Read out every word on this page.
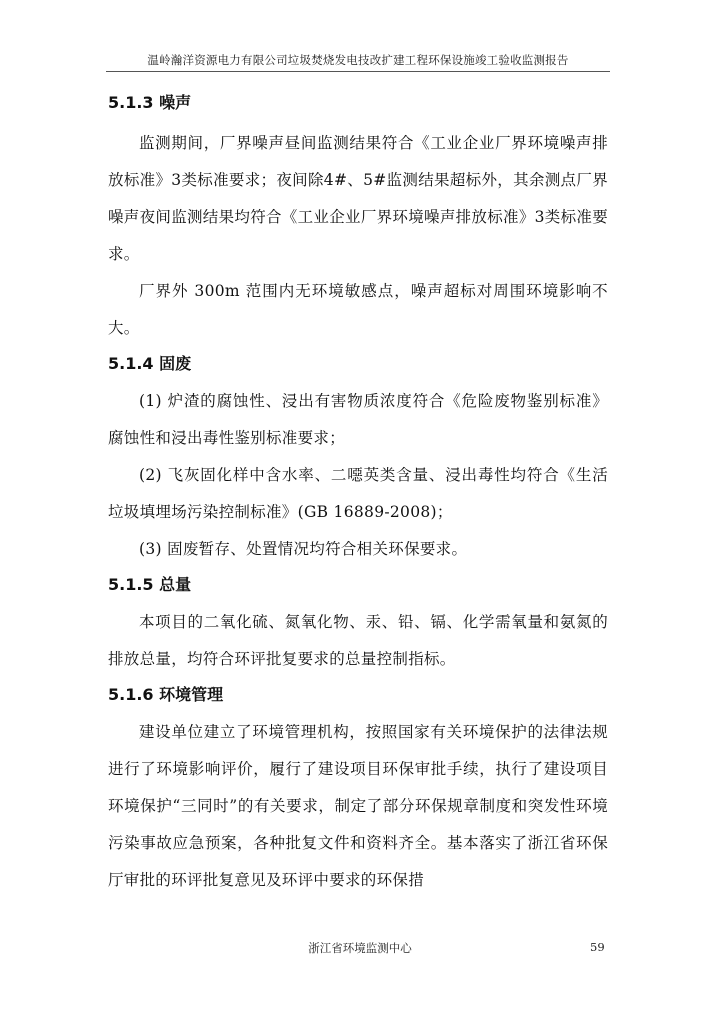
温岭瀚洋资源电力有限公司垃圾焚烧发电技改扩建工程环保设施竣工验收监测报告
5.1.3 噪声

监测期间，厂界噪声昼间监测结果符合《工业企业厂界环境噪声排放标准》3类标准要求；夜间除4#、5#监测结果超标外，其余测点厂界噪声夜间监测结果均符合《工业企业厂界环境噪声排放标准》3类标准要求。

厂界外 300m 范围内无环境敏感点，噪声超标对周围环境影响不大。

5.1.4 固废

(1) 炉渣的腐蚀性、浸出有害物质浓度符合《危险废物鉴别标准》腐蚀性和浸出毒性鉴别标准要求；

(2) 飞灰固化样中含水率、二噁英类含量、浸出毒性均符合《生活垃圾填埋场污染控制标准》(GB 16889-2008)；

(3) 固废暂存、处置情况均符合相关环保要求。

5.1.5 总量

本项目的二氧化硫、氮氧化物、汞、铅、镉、化学需氧量和氨氮的排放总量，均符合环评批复要求的总量控制指标。

5.1.6 环境管理

建设单位建立了环境管理机构，按照国家有关环境保护的法律法规进行了环境影响评价，履行了建设项目环保审批手续，执行了建设项目环境保护“三同时”的有关要求，制定了部分环保规章制度和突发性环境污染事故应急预案，各种批复文件和资料齐全。基本落实了浙江省环保厅审批的环评批复意见及环评中要求的环保措

浙江省环境监测中心	59
